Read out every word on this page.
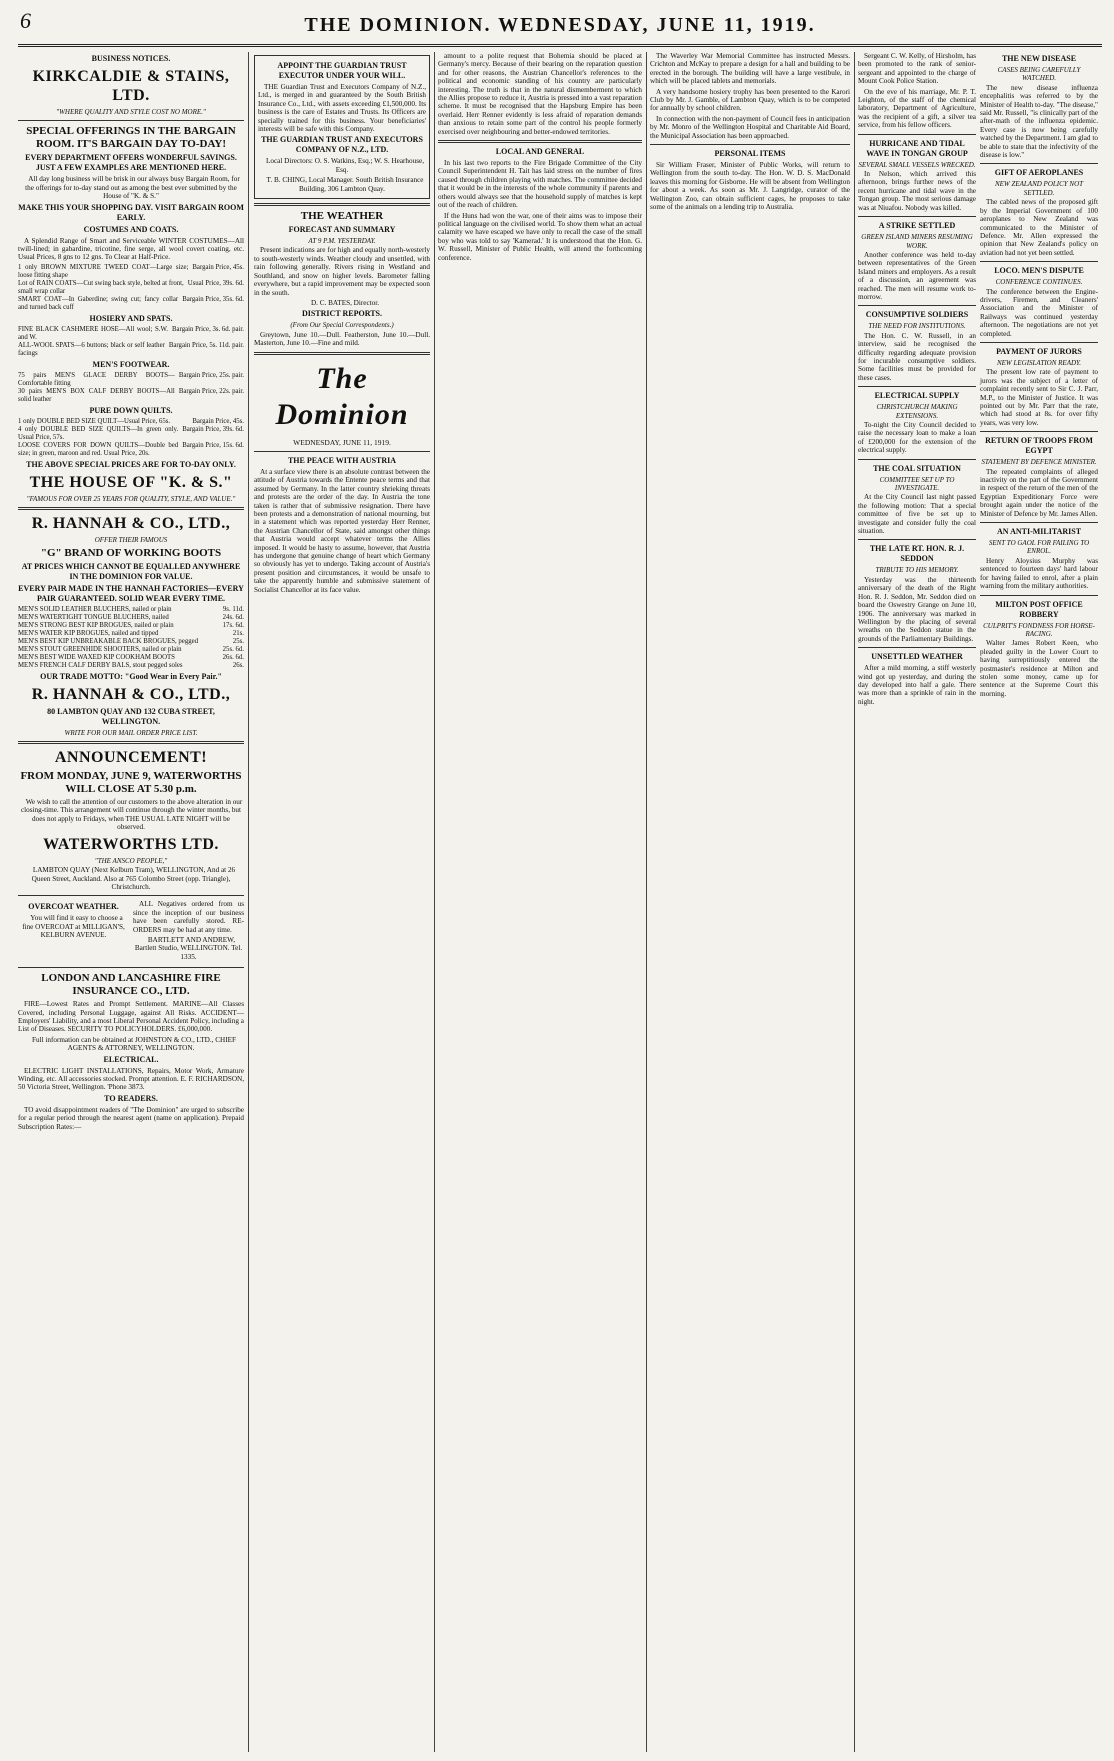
6	THE DOMINION. WEDNESDAY, JUNE 11, 1919.
BUSINESS NOTICES.
KIRKCALDIE & STAINS, LTD.
"WHERE QUALITY AND STYLE COST NO MORE."
SPECIAL OFFERINGS IN THE BARGAIN ROOM. IT'S BARGAIN DAY TO-DAY!
EVERY DEPARTMENT OFFERS WONDERFUL SAVINGS. JUST A FEW EXAMPLES ARE MENTIONED HERE.

All day long business will be brisk in our always busy Bargain Room, for the offerings for to-day stand out as among the best ever submitted by the House of "K. & S."

MAKE THIS YOUR SHOPPING DAY. VISIT BARGAIN ROOM EARLY.
COSTUMES AND COATS.

A Splendid Range of Smart and Serviceable WINTER COSTUMES—All twill-lined; in gabardine, tricotine, fine serge, all wool covert coating, etc. Usual Prices, 8 gns to 12 gns. To Clear at Half-Price.

1 only BROWN MIXTURE TWEED COAT—Large size; loose fitting shape
Bargain Price, 45s.
Lot of RAIN COATS—Cut swing back style, belted at front, small wrap collar
Usual Price, 39s. 6d.
SMART COAT—In Gaberdine; swing cut; fancy collar and turned back cuff
Bargain Price, 35s. 6d.
HOSIERY AND SPATS.
FINE BLACK CASHMERE HOSE—All wool; S.W. and W.
Bargain Price, 3s. 6d. pair.
ALL-WOOL SPATS—6 buttons; black or self leather facings
Bargain Price, 5s. 11d. pair.
MEN'S FOOTWEAR.
75 pairs MEN'S GLACE DERBY BOOTS—Comfortable fitting
Bargain Price, 25s. pair.
30 pairs MEN'S BOX CALF DERBY BOOTS—All solid leather
Bargain Price, 22s. pair.
PURE DOWN QUILTS.
1 only DOUBLE BED SIZE QUILT—Usual Price, 65s.	Bargain Price, 45s.
4 only DOUBLE BED SIZE QUILTS—In green only. Usual Price, 57s.
Bargain Price, 39s. 6d.
LOOSE COVERS FOR DOWN QUILTS—Double bed size; in green, maroon and red. Usual Price, 20s.
Bargain Price, 15s. 6d.
THE ABOVE SPECIAL PRICES ARE FOR TO-DAY ONLY.
THE HOUSE OF "K. & S."
"FAMOUS FOR OVER 25 YEARS FOR QUALITY, STYLE, AND VALUE."
R. HANNAH & CO., LTD.,
OFFER THEIR FAMOUS
"G" BRAND OF WORKING BOOTS
AT PRICES WHICH CANNOT BE EQUALLED ANYWHERE IN THE DOMINION FOR VALUE.
EVERY PAIR MADE IN THE HANNAH FACTORIES—EVERY PAIR GUARANTEED. SOLID WEAR EVERY TIME.
MEN'S SOLID LEATHER BLUCHERS, nailed or plain	9s. 11d.
MEN'S WATERTIGHT TONGUE BLUCHERS, nailed	24s. 6d.
MEN'S STRONG BEST KIP BROGUES, nailed or plain	17s. 6d.
MEN'S WATER KIP BROGUES, nailed and tipped	21s.
MEN'S BEST KIP UNBREAKABLE BACK BROGUES, pegged	25s.
MEN'S STOUT GREENHIDE SHOOTERS, nailed or plain	25s. 6d.
MEN'S BEST WIDE WAXED KIP COOKHAM BOOTS	26s. 6d.
MEN'S FRENCH CALF DERBY BALS, stout pegged soles	26s.
OUR TRADE MOTTO: "Good Wear in Every Pair."
R. HANNAH & CO., LTD.,
80 LAMBTON QUAY AND 132 CUBA STREET, WELLINGTON.
WRITE FOR OUR MAIL ORDER PRICE LIST.
ANNOUNCEMENT!
FROM MONDAY, JUNE 9, WATERWORTHS WILL CLOSE AT 5.30 p.m.

We wish to call the attention of our customers to the above alteration in our closing-time. This arrangement will continue through the winter months, but does not apply to Fridays, when THE USUAL LATE NIGHT will be observed.

WATERWORTHS LTD.
"THE ANSCO PEOPLE,"

LAMBTON QUAY (Next Kelburn Tram), WELLINGTON, And at 26 Queen Street, Auckland. Also at 765 Colombo Street (opp. Triangle), Christchurch.

OVERCOAT WEATHER.

You will find it easy to choose a fine OVERCOAT at MILLIGAN'S, KELBURN AVENUE.

ALL Negatives ordered from us since the inception of our business have been carefully stored. RE-ORDERS may be had at any time.

BARTLETT AND ANDREW, Bartlett Studio, WELLINGTON. Tel. 1335.

LONDON AND LANCASHIRE FIRE INSURANCE CO., LTD.

FIRE—Lowest Rates and Prompt Settlement. MARINE—All Classes Covered, including Personal Luggage, against All Risks. ACCIDENT—Employers' Liability, and a most Liberal Personal Accident Policy, including a List of Diseases. SECURITY TO POLICYHOLDERS. £6,000,000.

Full information can be obtained at JOHNSTON & CO., LTD., CHIEF AGENTS & ATTORNEY, WELLINGTON.

ELECTRICAL.

ELECTRIC LIGHT INSTALLATIONS, Repairs, Motor Work, Armature Winding, etc. All accessories stocked. Prompt attention. E. F. RICHARDSON, 50 Victoria Street, Wellington. 'Phone 3873.

TO READERS.

TO avoid disappointment readers of "The Dominion" are urged to subscribe for a regular period through the nearest agent (name on application). Prepaid Subscription Rates:—

APPOINT THE GUARDIAN TRUST EXECUTOR UNDER YOUR WILL.

THE Guardian Trust and Executors Company of N.Z., Ltd., is merged in and guaranteed by the South British Insurance Co., Ltd., with assets exceeding £1,500,000. Its business is the care of Estates and Trusts. Its Officers are specially trained for this business. Your beneficiaries' interests will be safe with this Company.

THE GUARDIAN TRUST AND EXECUTORS COMPANY OF N.Z., LTD.

Local Directors: O. S. Watkins, Esq.; W. S. Hearhouse, Esq.

T. B. CHING, Local Manager. South British Insurance Building, 306 Lambton Quay.

THE WEATHER
FORECAST AND SUMMARY
AT 9 P.M. YESTERDAY.

Present indications are for high and equally north-westerly to south-westerly winds. Weather cloudy and unsettled, with rain following generally. Rivers rising in Westland and Southland, and snow on higher levels. Barometer falling everywhere, but a rapid improvement may be expected soon in the south.

D. C. BATES, Director.

DISTRICT REPORTS.
(From Our Special Correspondents.)

Greytown, June 10.—Dull. Featherston, June 10.—Dull. Masterton, June 10.—Fine and mild.

The Dominion
WEDNESDAY, JUNE 11, 1919.
THE PEACE WITH AUSTRIA

At a surface view there is an absolute contrast between the attitude of Austria towards the Entente peace terms and that assumed by Germany. In the latter country shrieking threats and protests are the order of the day. In Austria the tone taken is rather that of submissive resignation. There have been protests and a demonstration of national mourning, but in a statement which was reported yesterday Herr Renner, the Austrian Chancellor of State, said amongst other things that Austria would accept whatever terms the Allies imposed. It would be hasty to assume, however, that Austria has undergone that genuine change of heart which Germany so obviously has yet to undergo. Taking account of Austria's present position and circumstances, it would be unsafe to take the apparently humble and submissive statement of Socialist Chancellor at its face value.

amount to a polite request that Bohemia should be placed at Germany's mercy. Because of their bearing on the reparation question and for other reasons, the Austrian Chancellor's references to the political and economic standing of his country are particularly interesting. The truth is that in the natural dismemberment to which the Allies propose to reduce it, Austria is pressed into a vast reparation scheme. It must be recognised that the Hapsburg Empire has been overlaid. Herr Renner evidently is less afraid of reparation demands than anxious to retain some part of the control his people formerly exercised over neighbouring and better-endowed territories.

LOCAL AND GENERAL

In his last two reports to the Fire Brigade Committee of the City Council Superintendent H. Tait has laid stress on the number of fires caused through children playing with matches. The committee decided that it would be in the interests of the whole community if parents and others would always see that the household supply of matches is kept out of the reach of children.

If the Huns had won the war, one of their aims was to impose their political language on the civilised world. To show them what an actual calamity we have escaped we have only to recall the case of the small boy who was told to say 'Kamerad.' It is understood that the Hon. G. W. Russell, Minister of Public Health, will attend the forthcoming conference.

The Waverley War Memorial Committee has instructed Messrs. Crichton and McKay to prepare a design for a hall and building to be erected in the borough. The building will have a large vestibule, in which will be placed tablets and memorials.

A very handsome hosiery trophy has been presented to the Karori Club by Mr. J. Gamble, of Lambton Quay, which is to be competed for annually by school children.

In connection with the non-payment of Council fees in anticipation by Mr. Monro of the Wellington Hospital and Charitable Aid Board, the Municipal Association has been approached.

PERSONAL ITEMS

Sir William Fraser, Minister of Public Works, will return to Wellington from the south to-day. The Hon. W. D. S. MacDonald leaves this morning for Gisborne. He will be absent from Wellington for about a week. As soon as Mr. J. Langridge, curator of the Wellington Zoo, can obtain sufficient cages, he proposes to take some of the animals on a lending trip to Australia.

Sergeant C. W. Kelly, of Hirsholm, has been promoted to the rank of senior-sergeant and appointed to the charge of Mount Cook Police Station.

On the eve of his marriage, Mr. P. T. Leighton, of the staff of the chemical laboratory, Department of Agriculture, was the recipient of a gift, a silver tea service, from his fellow officers.

HURRICANE AND TIDAL WAVE IN TONGAN GROUP
SEVERAL SMALL VESSELS WRECKED.

In Nelson, which arrived this afternoon, brings further news of the recent hurricane and tidal wave in the Tongan group. The most serious damage was at Niuafou. Nobody was killed.

A STRIKE SETTLED
GREEN ISLAND MINERS RESUMING WORK.

Another conference was held to-day between representatives of the Green Island miners and employers. As a result of a discussion, an agreement was reached. The men will resume work to-morrow.

CONSUMPTIVE SOLDIERS
THE NEED FOR INSTITUTIONS.

The Hon. C. W. Russell, in an interview, said he recognised the difficulty regarding adequate provision for incurable consumptive soldiers. Some facilities must be provided for these cases.

ELECTRICAL SUPPLY
CHRISTCHURCH MAKING EXTENSIONS.

To-night the City Council decided to raise the necessary loan to make a loan of £200,000 for the extension of the electrical supply.

THE COAL SITUATION
COMMITTEE SET UP TO INVESTIGATE.

At the City Council last night passed the following motion: That a special committee of five be set up to investigate and consider fully the coal situation.

THE LATE RT. HON. R. J. SEDDON
TRIBUTE TO HIS MEMORY.

Yesterday was the thirteenth anniversary of the death of the Right Hon. R. J. Seddon, Mr. Seddon died on board the Oswestry Grange on June 10, 1906. The anniversary was marked in Wellington by the placing of several wreaths on the Seddon statue in the grounds of the Parliamentary Buildings.

UNSETTLED WEATHER

After a mild morning, a stiff westerly wind got up yesterday, and during the day developed into half a gale. There was more than a sprinkle of rain in the night.

THE NEW DISEASE
CASES BEING CAREFULLY WATCHED.

The new disease influenza encephalitis was referred to by the Minister of Health to-day. "The disease," said Mr. Russell, "is clinically part of the after-math of the influenza epidemic. Every case is now being carefully watched by the Department. I am glad to be able to state that the infectivity of the disease is low."

GIFT OF AEROPLANES
NEW ZEALAND POLICY NOT SETTLED.

The cabled news of the proposed gift by the Imperial Government of 100 aeroplanes to New Zealand was communicated to the Minister of Defence. Mr. Allen expressed the opinion that New Zealand's policy on aviation had not yet been settled.

LOCO. MEN'S DISPUTE
CONFERENCE CONTINUES.

The conference between the Engine-drivers, Firemen, and Cleaners' Association and the Minister of Railways was continued yesterday afternoon. The negotiations are not yet completed.

PAYMENT OF JURORS
NEW LEGISLATION READY.

The present low rate of payment to jurors was the subject of a letter of complaint recently sent to Sir C. J. Parr, M.P., to the Minister of Justice. It was pointed out by Mr. Parr that the rate, which had stood at 8s. for over fifty years, was very low.

RETURN OF TROOPS FROM EGYPT
STATEMENT BY DEFENCE MINISTER.

The repeated complaints of alleged inactivity on the part of the Government in respect of the return of the men of the Egyptian Expeditionary Force were brought again under the notice of the Minister of Defence by Mr. James Allen.

AN ANTI-MILITARIST
SENT TO GAOL FOR FAILING TO ENROL.

Henry Aloysius Murphy was sentenced to fourteen days' hard labour for having failed to enrol, after a plain warning from the military authorities.

MILTON POST OFFICE ROBBERY
CULPRIT'S FONDNESS FOR HORSE-RACING.

Walter James Robert Keen, who pleaded guilty in the Lower Court to having surreptitiously entered the postmaster's residence at Milton and stolen some money, came up for sentence at the Supreme Court this morning.
